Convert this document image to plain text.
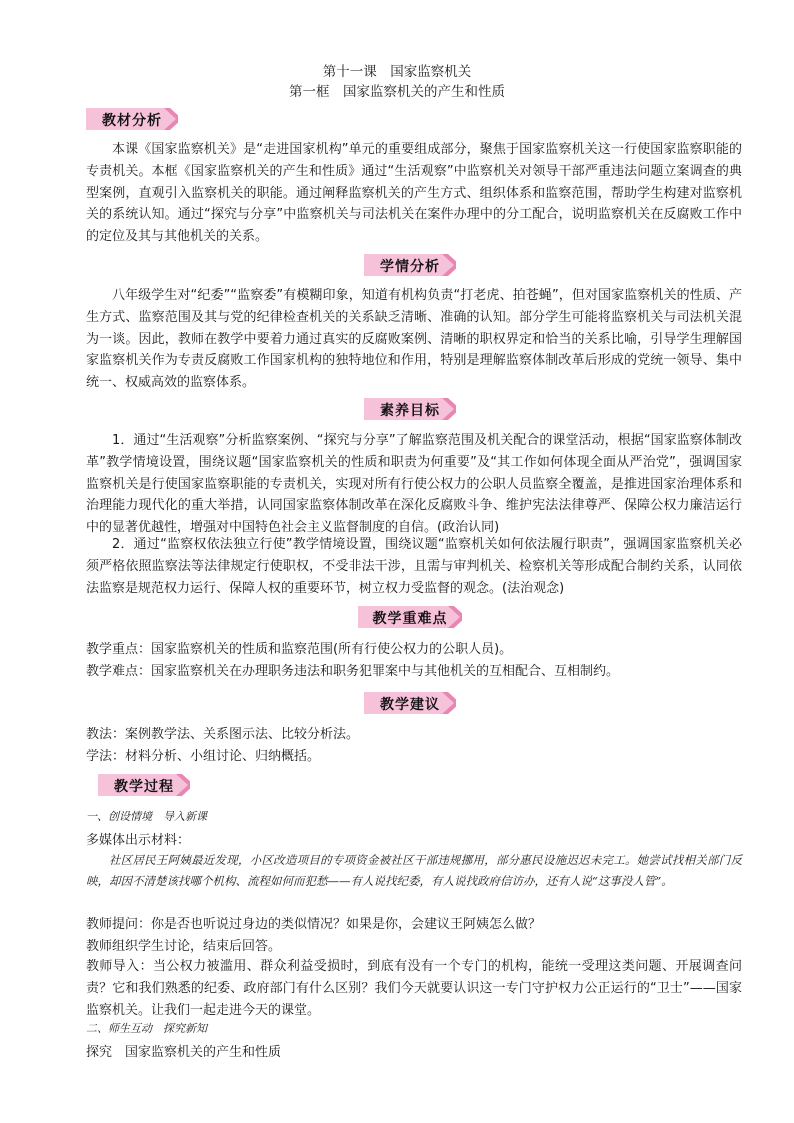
第十一课　国家监察机关
第一框　国家监察机关的产生和性质
教材分析
本课《国家监察机关》是“走进国家机构”单元的重要组成部分，聚焦于国家监察机关这一行使国家监察职能的专责机关。本框《国家监察机关的产生和性质》通过“生活观察”中监察机关对领导干部严重违法问题立案调查的典型案例，直观引入监察机关的职能。通过阐释监察机关的产生方式、组织体系和监察范围，帮助学生构建对监察机关的系统认知。通过“探究与分享”中监察机关与司法机关在案件办理中的分工配合，说明监察机关在反腐败工作中的定位及其与其他机关的关系。
学情分析
八年级学生对“纪委”“监察委”有模糊印象，知道有机构负责“打老虎、拍苍蝇”，但对国家监察机关的性质、产生方式、监察范围及其与党的纪律检查机关的关系缺乏清晰、准确的认知。部分学生可能将监察机关与司法机关混为一谈。因此，教师在教学中要着力通过真实的反腐败案例、清晰的职权界定和恰当的关系比喻，引导学生理解国家监察机关作为专责反腐败工作国家机构的独特地位和作用，特别是理解监察体制改革后形成的党统一领导、集中统一、权威高效的监察体系。
素养目标
1．通过“生活观察”分析监察案例、“探究与分享”了解监察范围及机关配合的课堂活动，根据“国家监察体制改革”教学情境设置，围绕议题“国家监察机关的性质和职责为何重要”及“其工作如何体现全面从严治党”，强调国家监察机关是行使国家监察职能的专责机关，实现对所有行使公权力的公职人员监察全覆盖，是推进国家治理体系和治理能力现代化的重大举措，认同国家监察体制改革在深化反腐败斗争、维护宪法法律尊严、保障公权力廉洁运行中的显著优越性，增强对中国特色社会主义监督制度的自信。(政治认同)
2．通过“监察权依法独立行使”教学情境设置，围绕议题“监察机关如何依法履行职责”，强调国家监察机关必须严格依照监察法等法律规定行使职权，不受非法干涉，且需与审判机关、检察机关等形成配合制约关系，认同依法监察是规范权力运行、保障人权的重要环节，树立权力受监督的观念。(法治观念)
教学重难点
教学重点：国家监察机关的性质和监察范围(所有行使公权力的公职人员)。
教学难点：国家监察机关在办理职务违法和职务犯罪案中与其他机关的互相配合、互相制约。
教学建议
教法：案例教学法、关系图示法、比较分析法。
学法：材料分析、小组讨论、归纳概括。
教学过程
一、创设情境　导入新课
多媒体出示材料：
社区居民王阿姨最近发现，小区改造项目的专项资金被社区干部违规挪用，部分惠民设施迟迟未完工。她尝试找相关部门反映，却因不清楚该找哪个机构、流程如何而犯愁——有人说找纪委，有人说找政府信访办，还有人说“这事没人管”。
教师提问：你是否也听说过身边的类似情况？如果是你，会建议王阿姨怎么做？
教师组织学生讨论，结束后回答。
教师导入：当公权力被滥用、群众利益受损时，到底有没有一个专门的机构，能统一受理这类问题、开展调查问责？它和我们熟悉的纪委、政府部门有什么区别？我们今天就要认识这一专门守护权力公正运行的“卫士”——国家监察机关。让我们一起走进今天的课堂。
二、师生互动　探究新知
探究　国家监察机关的产生和性质
